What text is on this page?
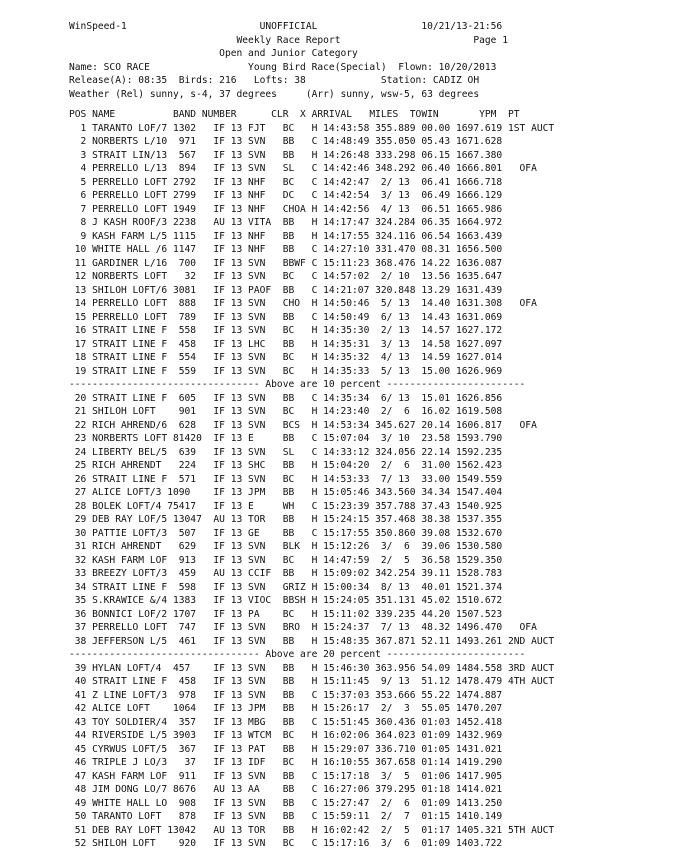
WinSpeed-1                       UNOFFICIAL                  10/21/13-21:56
Weekly Race Report                       Page 1
Open and Junior Category
Name: SCO RACE                 Young Bird Race(Special)  Flown: 10/20/2013
Release(A): 08:35  Birds: 216   Lofts: 38             Station: CADIZ OH
Weather (Rel) sunny, s-4, 37 degrees     (Arr) sunny, wsw-5, 63 degrees
POS NAME          BAND NUMBER      CLR  X ARRIVAL   MILES  TOWIN       YPM  PT
1 TARANTO LOF/7 1302   IF 13 FJT   BC   H 14:43:58 355.889 00.00 1697.619 1ST AUCT
2 NORBERTS L/10  971   IF 13 SVN   BB   C 14:48:49 355.050 05.43 1671.628
3 STRAIT LIN/13  567   IF 13 SVN   BB   H 14:26:48 333.298 06.15 1667.380
4 PERRELLO L/13  894   IF 13 SVN   SL   C 14:42:46 348.292 06.40 1666.801   OFA
5 PERRELLO LOFT 2792   IF 13 NHF   BC   C 14:42:47  2/ 13  06.41 1666.718
6 PERRELLO LOFT 2799   IF 13 NHF   DC   C 14:42:54  3/ 13  06.49 1666.129
7 PERRELLO LOFT 1949   IF 13 NHF   CHOA H 14:42:56  4/ 13  06.51 1665.986
8 J KASH ROOF/3 2238   AU 13 VITA  BB   H 14:17:47 324.284 06.35 1664.972
9 KASH FARM L/5 1115   IF 13 NHF   BB   H 14:17:55 324.116 06.54 1663.439
10 WHITE HALL /6 1147   IF 13 NHF   BB   C 14:27:10 331.470 08.31 1656.500
11 GARDINER L/16  700   IF 13 SVN   BBWF C 15:11:23 368.476 14.22 1636.087
12 NORBERTS LOFT   32   IF 13 SVN   BC   C 14:57:02  2/ 10  13.56 1635.647
13 SHILOH LOFT/6 3081   IF 13 PAOF  BB   C 14:21:07 320.848 13.29 1631.439
14 PERRELLO LOFT  888   IF 13 SVN   CHO  H 14:50:46  5/ 13  14.40 1631.308   OFA
15 PERRELLO LOFT  789   IF 13 SVN   BB   C 14:50:49  6/ 13  14.43 1631.069
16 STRAIT LINE F  558   IF 13 SVN   BC   H 14:35:30  2/ 13  14.57 1627.172
17 STRAIT LINE F  458   IF 13 LHC   BB   H 14:35:31  3/ 13  14.58 1627.097
18 STRAIT LINE F  554   IF 13 SVN   BC   H 14:35:32  4/ 13  14.59 1627.014
19 STRAIT LINE F  559   IF 13 SVN   BC   H 14:35:33  5/ 13  15.00 1626.969
--------------------------------- Above are 10 percent ------------------------
20 STRAIT LINE F  605   IF 13 SVN   BB   C 14:35:34  6/ 13  15.01 1626.856
21 SHILOH LOFT    901   IF 13 SVN   BC   H 14:23:40  2/  6  16.02 1619.508
22 RICH AHREND/6  628   IF 13 SVN   BCS  H 14:53:34 345.627 20.14 1606.817   OFA
23 NORBERTS LOFT 81420  IF 13 E     BB   C 15:07:04  3/ 10  23.58 1593.790
24 LIBERTY BEL/5  639   IF 13 SVN   SL   C 14:33:12 324.056 22.14 1592.235
25 RICH AHRENDT   224   IF 13 SHC   BB   H 15:04:20  2/  6  31.00 1562.423
26 STRAIT LINE F  571   IF 13 SVN   BC   H 14:53:33  7/ 13  33.00 1549.559
27 ALICE LOFT/3 1090    IF 13 JPM   BB   H 15:05:46 343.560 34.34 1547.404
28 BOLEK LOFT/4 75417   IF 13 E     WH   C 15:23:39 357.788 37.43 1540.925
29 DEB RAY LOF/5 13047  AU 13 TOR   BB   H 15:24:15 357.468 38.38 1537.355
30 PATTIE LOFT/3  507   IF 13 GE    BB   C 15:17:55 350.860 39.08 1532.670
31 RICH AHRENDT   629   IF 13 SVN   BLK  H 15:12:26  3/  6  39.06 1530.580
32 KASH FARM LOF  913   IF 13 SVN   BC   H 14:47:59  2/  5  36.58 1529.350
33 BREEZY LOFT/3  459   AU 13 CCIF  BB   H 15:09:02 342.254 39.11 1528.783
34 STRAIT LINE F  598   IF 13 SVN   GRIZ H 15:00:34  8/ 13  40.01 1521.374
35 S.KRAWICE &/4 1383   IF 13 VIOC  BBSH H 15:24:05 351.131 45.02 1510.672
36 BONNICI LOF/2 1707   IF 13 PA    BC   H 15:11:02 339.235 44.20 1507.523
37 PERRELLO LOFT  747   IF 13 SVN   BRO  H 15:24:37  7/ 13  48.32 1496.470   OFA
38 JEFFERSON L/5  461   IF 13 SVN   BB   H 15:48:35 367.871 52.11 1493.261 2ND AUCT
--------------------------------- Above are 20 percent ------------------------
39 HYLAN LOFT/4  457    IF 13 SVN   BB   H 15:46:30 363.956 54.09 1484.558 3RD AUCT
40 STRAIT LINE F  458   IF 13 SVN   BB   H 15:11:45  9/ 13  51.12 1478.479 4TH AUCT
41 Z LINE LOFT/3  978   IF 13 SVN   BB   C 15:37:03 353.666 55.22 1474.887
42 ALICE LOFT    1064   IF 13 JPM   BB   H 15:26:17  2/  3  55.05 1470.207
43 TOY SOLDIER/4  357   IF 13 MBG   BB   C 15:51:45 360.436 01:03 1452.418
44 RIVERSIDE L/5 3903   IF 13 WTCM  BC   H 16:02:06 364.023 01:09 1432.969
45 CYRWUS LOFT/5  367   IF 13 PAT   BB   H 15:29:07 336.710 01:05 1431.021
46 TRIPLE J LO/3   37   IF 13 IDF   BC   H 16:10:55 367.658 01:14 1419.290
47 KASH FARM LOF  911   IF 13 SVN   BB   C 15:17:18  3/  5  01:06 1417.905
48 JIM DONG LO/7 8676   AU 13 AA    BB   C 16:27:06 379.295 01:18 1414.021
49 WHITE HALL LO  908   IF 13 SVN   BB   C 15:27:47  2/  6  01:09 1413.250
50 TARANTO LOFT   878   IF 13 SVN   BB   C 15:59:11  2/  7  01:15 1410.149
51 DEB RAY LOFT 13042   AU 13 TOR   BB   H 16:02:42  2/  5  01:17 1405.321 5TH AUCT
52 SHILOH LOFT    920   IF 13 SVN   BC   C 15:17:16  3/  6  01:09 1403.722
